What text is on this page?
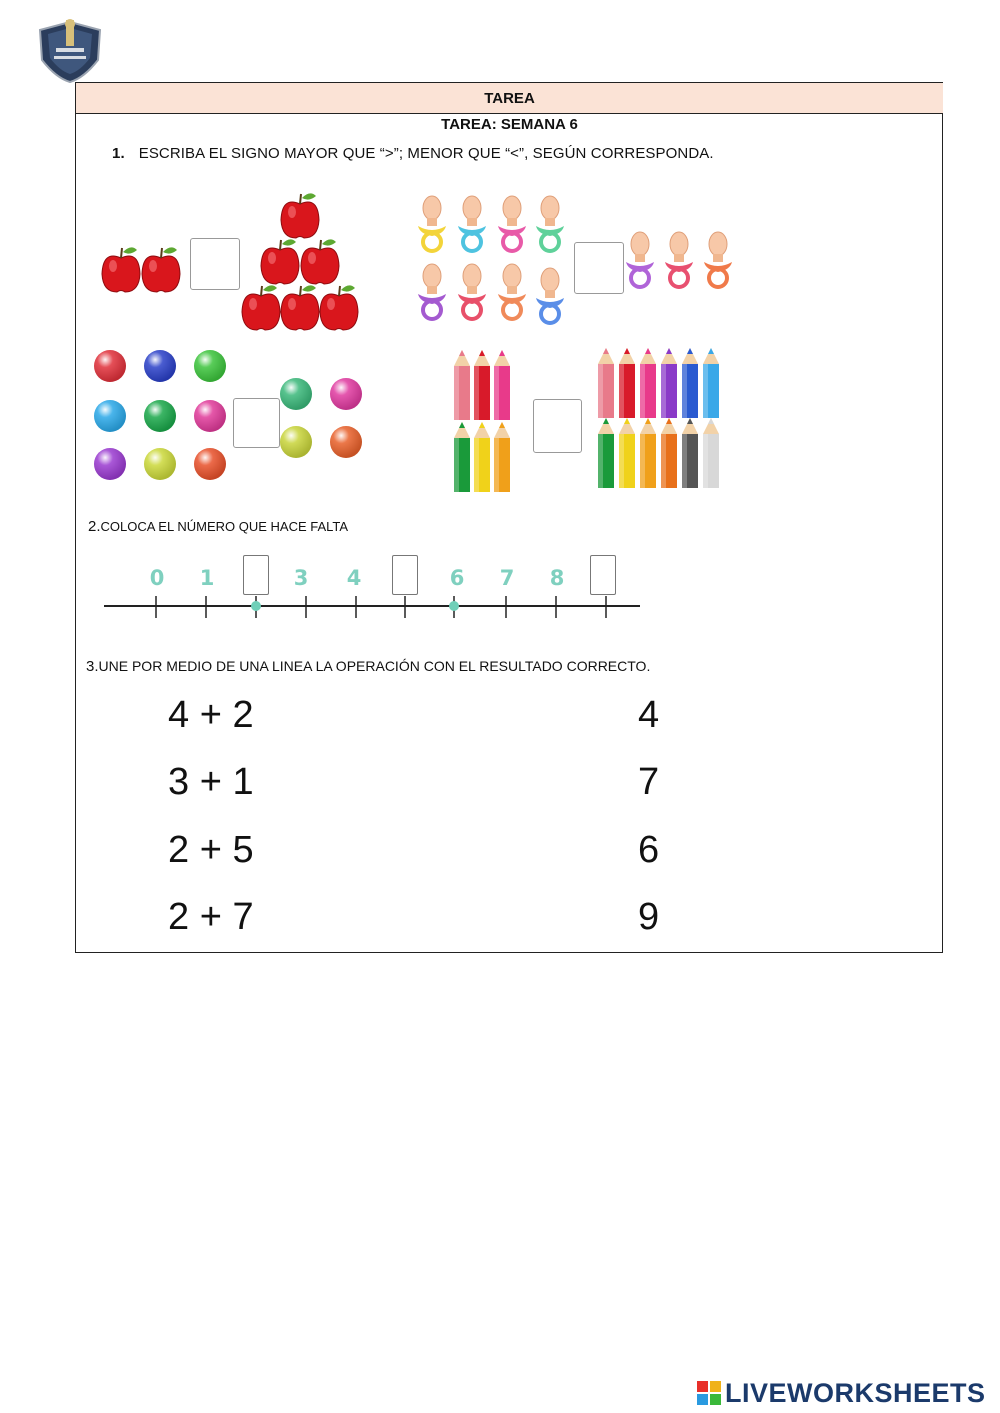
TAREA
TAREA: SEMANA 6
1. ESCRIBA EL SIGNO MAYOR QUE “>”; MENOR QUE “<”, SEGÚN CORRESPONDA.
2.COLOCA EL NÚMERO QUE HACE FALTA
0 1	3 4	6 7 8
3.UNE POR MEDIO DE UNA LINEA LA OPERACIÓN CON EL RESULTADO CORRECTO.
4 + 2
3 + 1
2 + 5
2 + 7
4
7
6
9
LIVEWORKSHEETS
